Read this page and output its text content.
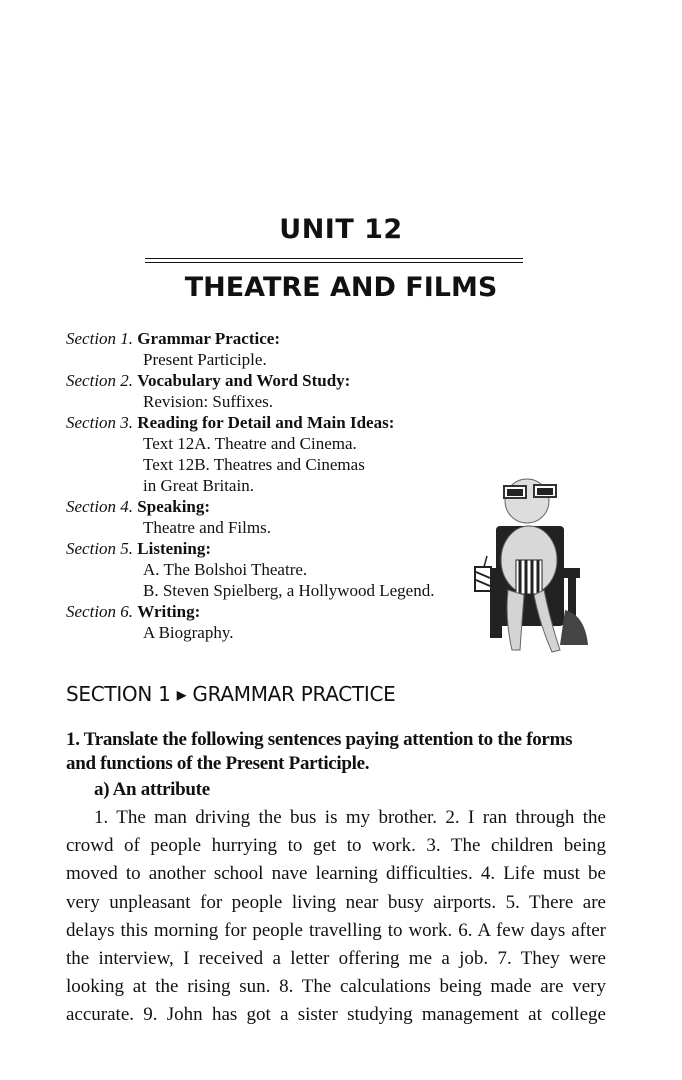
UNIT 12
THEATRE AND FILMS
Section 1. Grammar Practice:
Present Participle.
Section 2. Vocabulary and Word Study:
Revision: Suffixes.
Section 3. Reading for Detail and Main Ideas:
Text 12A. Theatre and Cinema.
Text 12B. Theatres and Cinemas
in Great Britain.
Section 4. Speaking:
Theatre and Films.
Section 5. Listening:
A. The Bolshoi Theatre.
B. Steven Spielberg, a Hollywood Legend.
Section 6. Writing:
A Biography.
SECTION 1 ▸ GRAMMAR PRACTICE
1. Translate the following sentences paying attention to the forms and functions of the Present Participle.
a) An attribute
1. The man driving the bus is my brother. 2. I ran through the
crowd of people hurrying to get to work. 3. The children being
moved to another school nave learning difficulties. 4. Life must be
very unpleasant for people living near busy airports. 5. There are
delays this morning for people travelling to work. 6. A few days after
the interview, I received a letter offering me a job. 7. They were
looking at the rising sun. 8. The calculations being made are very
accurate. 9. John has got a sister studying management at college
